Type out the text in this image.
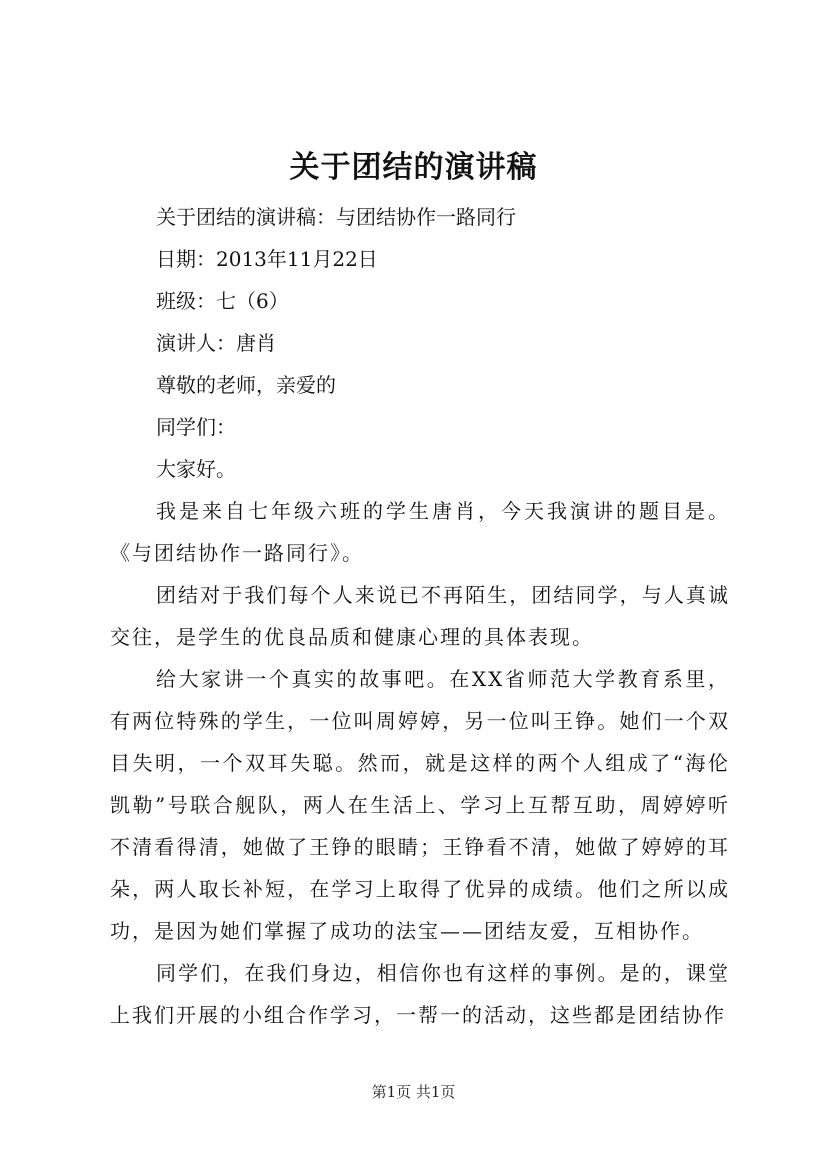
关于团结的演讲稿

关于团结的演讲稿：与团结协作一路同行

日期：2013年11月22日

班级：七（6）

演讲人：唐肖

尊敬的老师，亲爱的

同学们：

大家好。

我是来自七年级六班的学生唐肖，今天我演讲的题目是。《与团结协作一路同行》。

团结对于我们每个人来说已不再陌生，团结同学，与人真诚交往，是学生的优良品质和健康心理的具体表现。

给大家讲一个真实的故事吧。在XX省师范大学教育系里，有两位特殊的学生，一位叫周婷婷，另一位叫王铮。她们一个双目失明，一个双耳失聪。然而，就是这样的两个人组成了“海伦凯勒”号联合舰队，两人在生活上、学习上互帮互助，周婷婷听不清看得清，她做了王铮的眼睛；王铮看不清，她做了婷婷的耳朵，两人取长补短，在学习上取得了优异的成绩。他们之所以成功，是因为她们掌握了成功的法宝——团结友爱，互相协作。

同学们，在我们身边，相信你也有这样的事例。是的，课堂上我们开展的小组合作学习，一帮一的活动，这些都是团结协作

第1页 共1页
